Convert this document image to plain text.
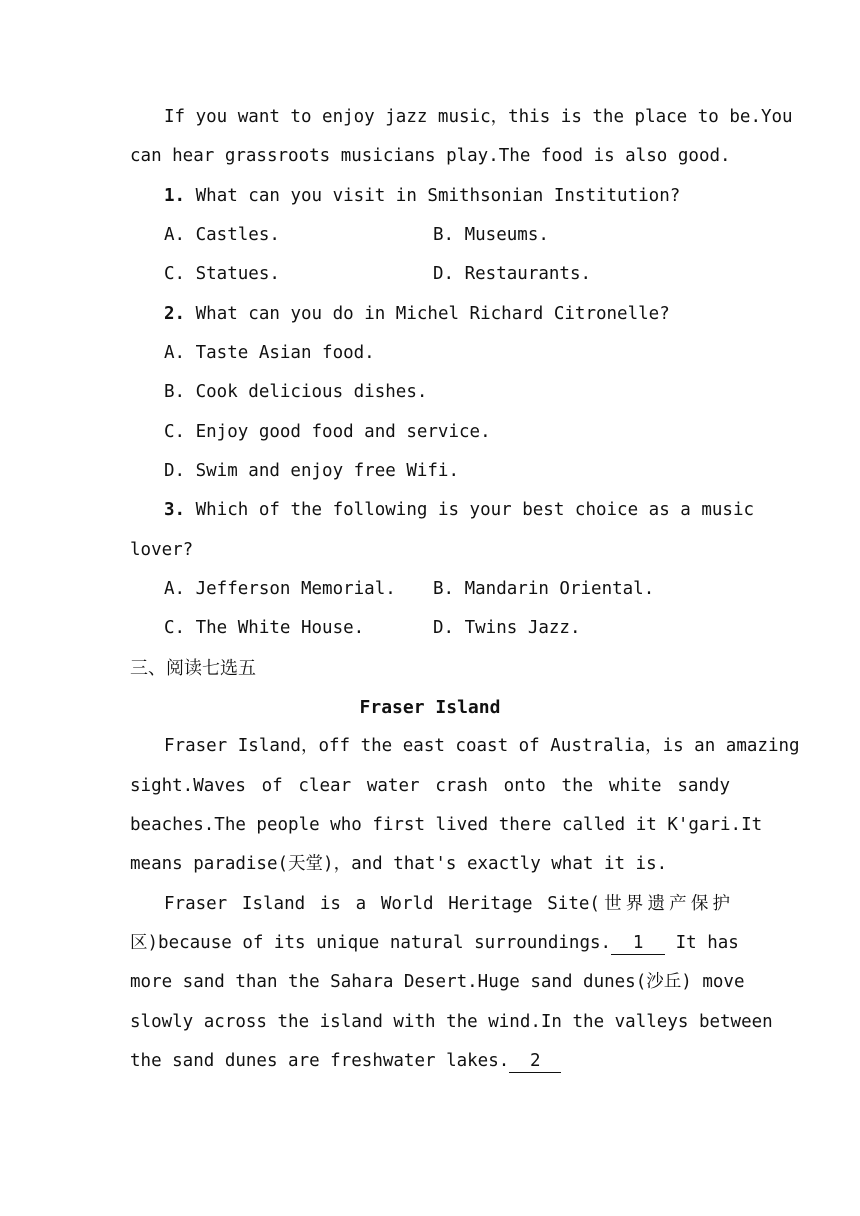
If you want to enjoy jazz music，this is the place to be.You
can hear grassroots musicians play.The food is also good.
1. What can you visit in Smithsonian Institution?
A. Castles.	B. Museums.
C. Statues.	D. Restaurants.
2. What can you do in Michel Richard Citronelle?
A. Taste Asian food.
B. Cook delicious dishes.
C. Enjoy good food and service.
D. Swim and enjoy free Wifi.
3. Which of the following is your best choice as a music
lover?
A. Jefferson Memorial.	B. Mandarin Oriental.
C. The White House.	D. Twins Jazz.
三、阅读七选五
Fraser Island
Fraser Island，off the east coast of Australia，is an amazing
sight.Waves of clear water crash onto the white sandy
beaches.The people who first lived there called it K'gari.It
means paradise(天堂)，and that's exactly what it is.
Fraser Island is a World Heritage Site(世界遗产保护
区)because of its unique natural surroundings. 1 It has
more sand than the Sahara Desert.Huge sand dunes(沙丘) move
slowly across the island with the wind.In the valleys between
the sand dunes are freshwater lakes. 2
